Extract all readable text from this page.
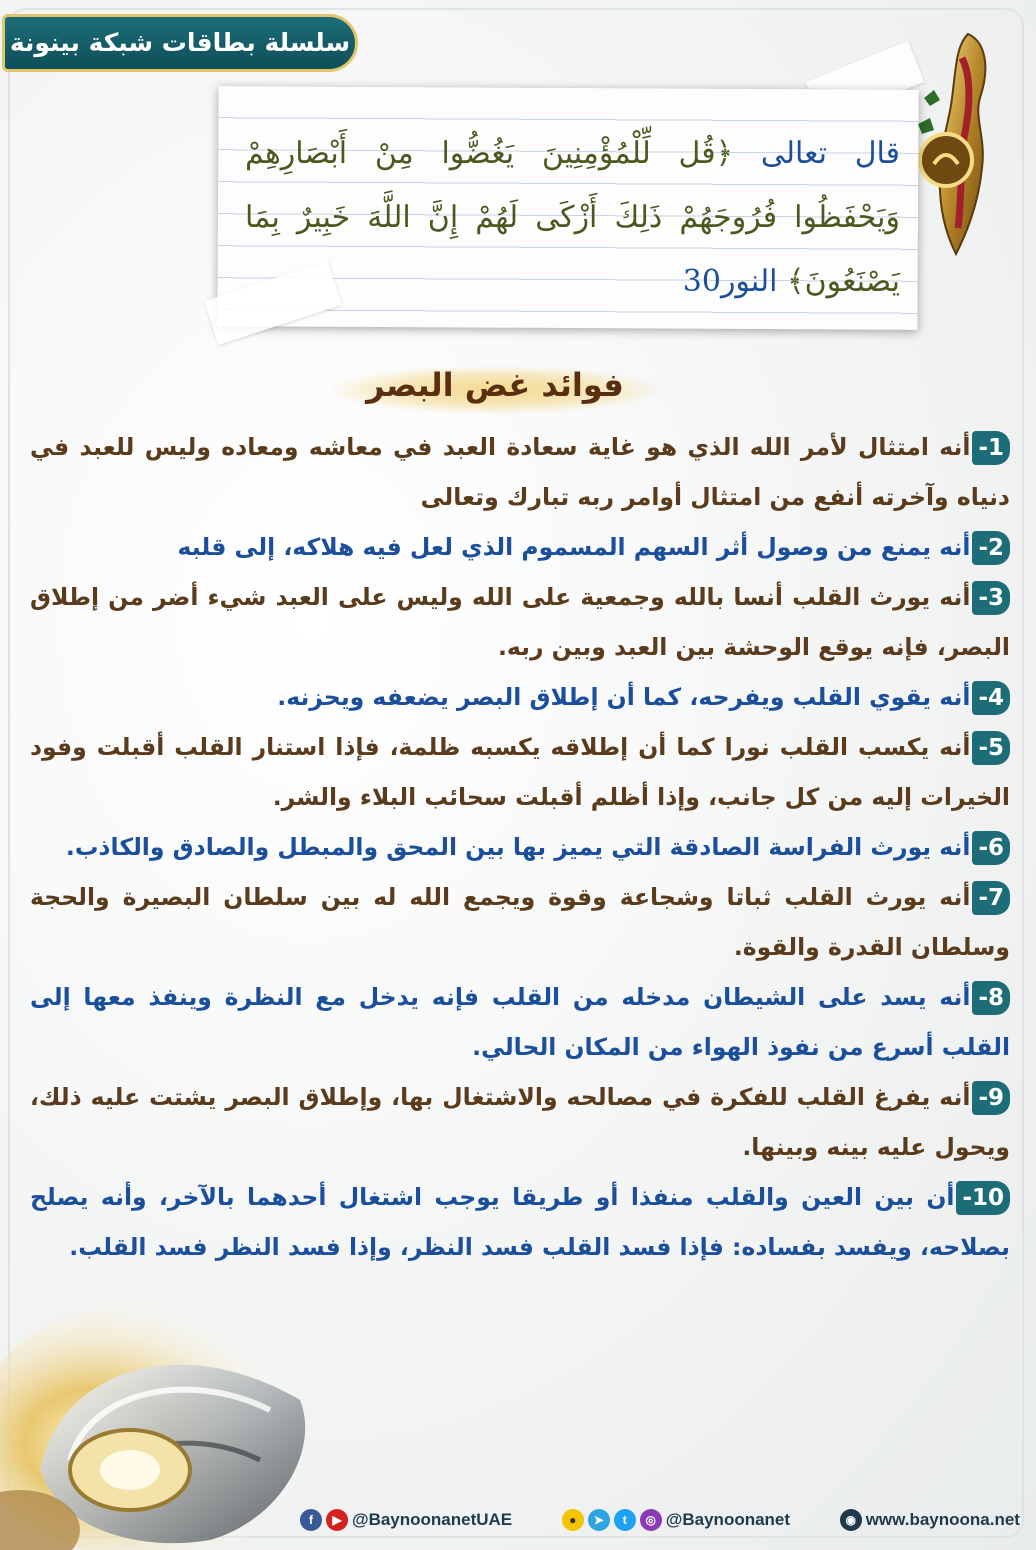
سلسلة بطاقات شبكة بينونة
قال تعالى ﴿قُل لِّلْمُؤْمِنِينَ يَغُضُّوا مِنْ أَبْصَارِهِمْ وَيَحْفَظُوا فُرُوجَهُمْ ذَلِكَ أَزْكَى لَهُمْ إِنَّ اللَّهَ خَبِيرٌ بِمَا يَصْنَعُونَ﴾ النور30
فوائد غض البصر

1-أنه امتثال لأمر الله الذي هو غاية سعادة العبد في معاشه ومعاده وليس للعبد في دنياه وآخرته أنفع من امتثال أوامر ربه تبارك وتعالى

2-أنه يمنع من وصول أثر السهم المسموم الذي لعل فيه هلاكه، إلى قلبه

3-أنه يورث القلب أنسا بالله وجمعية على الله وليس على العبد شيء أضر من إطلاق البصر، فإنه يوقع الوحشة بين العبد وبين ربه.

4-أنه يقوي القلب ويفرحه، كما أن إطلاق البصر يضعفه ويحزنه.

5-أنه يكسب القلب نورا كما أن إطلاقه يكسبه ظلمة، فإذا استنار القلب أقبلت وفود الخيرات إليه من كل جانب، وإذا أظلم أقبلت سحائب البلاء والشر.

6-أنه يورث الفراسة الصادقة التي يميز بها بين المحق والمبطل والصادق والكاذب.

7-أنه يورث القلب ثباتا وشجاعة وقوة ويجمع الله له بين سلطان البصيرة والحجة وسلطان القدرة والقوة.

8-أنه يسد على الشيطان مدخله من القلب فإنه يدخل مع النظرة وينفذ معها إلى القلب أسرع من نفوذ الهواء من المكان الحالي.

9-أنه يفرغ القلب للفكرة في مصالحه والاشتغال بها، وإطلاق البصر يشتت عليه ذلك، ويحول عليه بينه وبينها.

10-أن بين العين والقلب منفذا أو طريقا يوجب اشتغال أحدهما بالآخر، وأنه يصلح بصلاحه، ويفسد بفساده: فإذا فسد القلب فسد النظر، وإذا فسد النظر فسد القلب.

f	▶ @BaynoonanetUAE	●	➤	t	◎ @Baynoonanet	◉ www.baynoona.net
